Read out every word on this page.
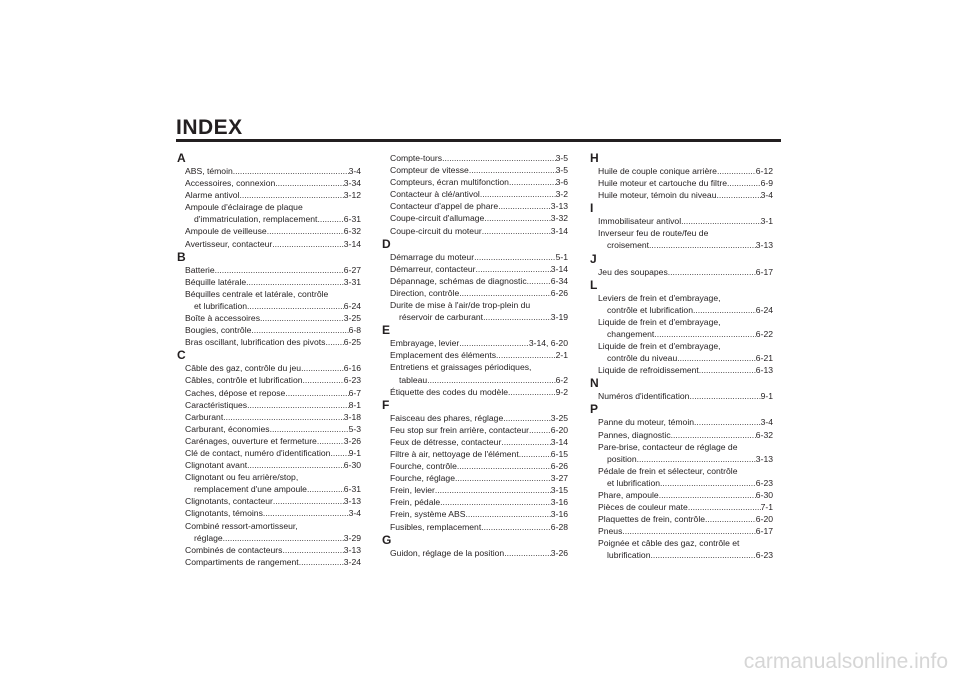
INDEX
A
ABS, témoin .....	3-4
Accessoires, connexion .....	3-34
Alarme antivol .....	3-12
Ampoule d'éclairage de plaque
d'immatriculation, remplacement .....	6-31
Ampoule de veilleuse .....	6-32
Avertisseur, contacteur .....	3-14
B
Batterie .....	6-27
Béquille latérale .....	3-31
Béquilles centrale et latérale, contrôle
et lubrification .....	6-24
Boîte à accessoires .....	3-25
Bougies, contrôle .....	6-8
Bras oscillant, lubrification des pivots ..... 6-25
C
Câble des gaz, contrôle du jeu .....	6-16
Câbles, contrôle et lubrification .....	6-23
Caches, dépose et repose .....	6-7
Caractéristiques .....	8-1
Carburant .....	3-18
Carburant, économies .....	5-3
Carénages, ouverture et fermeture .....	3-26
Clé de contact, numéro d'identification ..... 9-1
Clignotant avant .....	6-30
Clignotant ou feu arrière/stop,
remplacement d'une ampoule .....	6-31
Clignotants, contacteur .....	3-13
Clignotants, témoins .....	3-4
Combiné ressort-amortisseur,
réglage .....	3-29
Combinés de contacteurs .....	3-13
Compartiments de rangement .....	3-24
Compte-tours .....	3-5
Compteur de vitesse .....	3-5
Compteurs, écran multifonction .....	3-6
Contacteur à clé/antivol .....	3-2
Contacteur d'appel de phare .....	3-13
Coupe-circuit d'allumage .....	3-32
Coupe-circuit du moteur .....	3-14
D
Démarrage du moteur .....	5-1
Démarreur, contacteur .....	3-14
Dépannage, schémas de diagnostic .....	6-34
Direction, contrôle .....	6-26
Durite de mise à l'air/de trop-plein du
réservoir de carburant .....	3-19
E
Embrayage, levier .....	3-14, 6-20
Emplacement des éléments .....	2-1
Entretiens et graissages périodiques,
tableau .....	6-2
Étiquette des codes du modèle .....	9-2
F
Faisceau des phares, réglage .....	3-25
Feu stop sur frein arrière, contacteur .....	6-20
Feux de détresse, contacteur .....	3-14
Filtre à air, nettoyage de l'élément .....	6-15
Fourche, contrôle .....	6-26
Fourche, réglage .....	3-27
Frein, levier .....	3-15
Frein, pédale .....	3-16
Frein, système ABS .....	3-16
Fusibles, remplacement .....	6-28
G
Guidon, réglage de la position .....	3-26
H
Huile de couple conique arrière .....	6-12
Huile moteur et cartouche du filtre .....	6-9
Huile moteur, témoin du niveau .....	3-4
I
Immobilisateur antivol .....	3-1
Inverseur feu de route/feu de
croisement .....	3-13
J
Jeu des soupapes .....	6-17
L
Leviers de frein et d'embrayage,
contrôle et lubrification .....	6-24
Liquide de frein et d'embrayage,
changement .....	6-22
Liquide de frein et d'embrayage,
contrôle du niveau .....	6-21
Liquide de refroidissement .....	6-13
N
Numéros d'identification .....	9-1
P
Panne du moteur, témoin .....	3-4
Pannes, diagnostic .....	6-32
Pare-brise, contacteur de réglage de
position .....	3-13
Pédale de frein et sélecteur, contrôle
et lubrification .....	6-23
Phare, ampoule .....	6-30
Pièces de couleur mate .....	7-1
Plaquettes de frein, contrôle .....	6-20
Pneus .....	6-17
Poignée et câble des gaz, contrôle et
lubrification .....	6-23
carmanualsonline.info
